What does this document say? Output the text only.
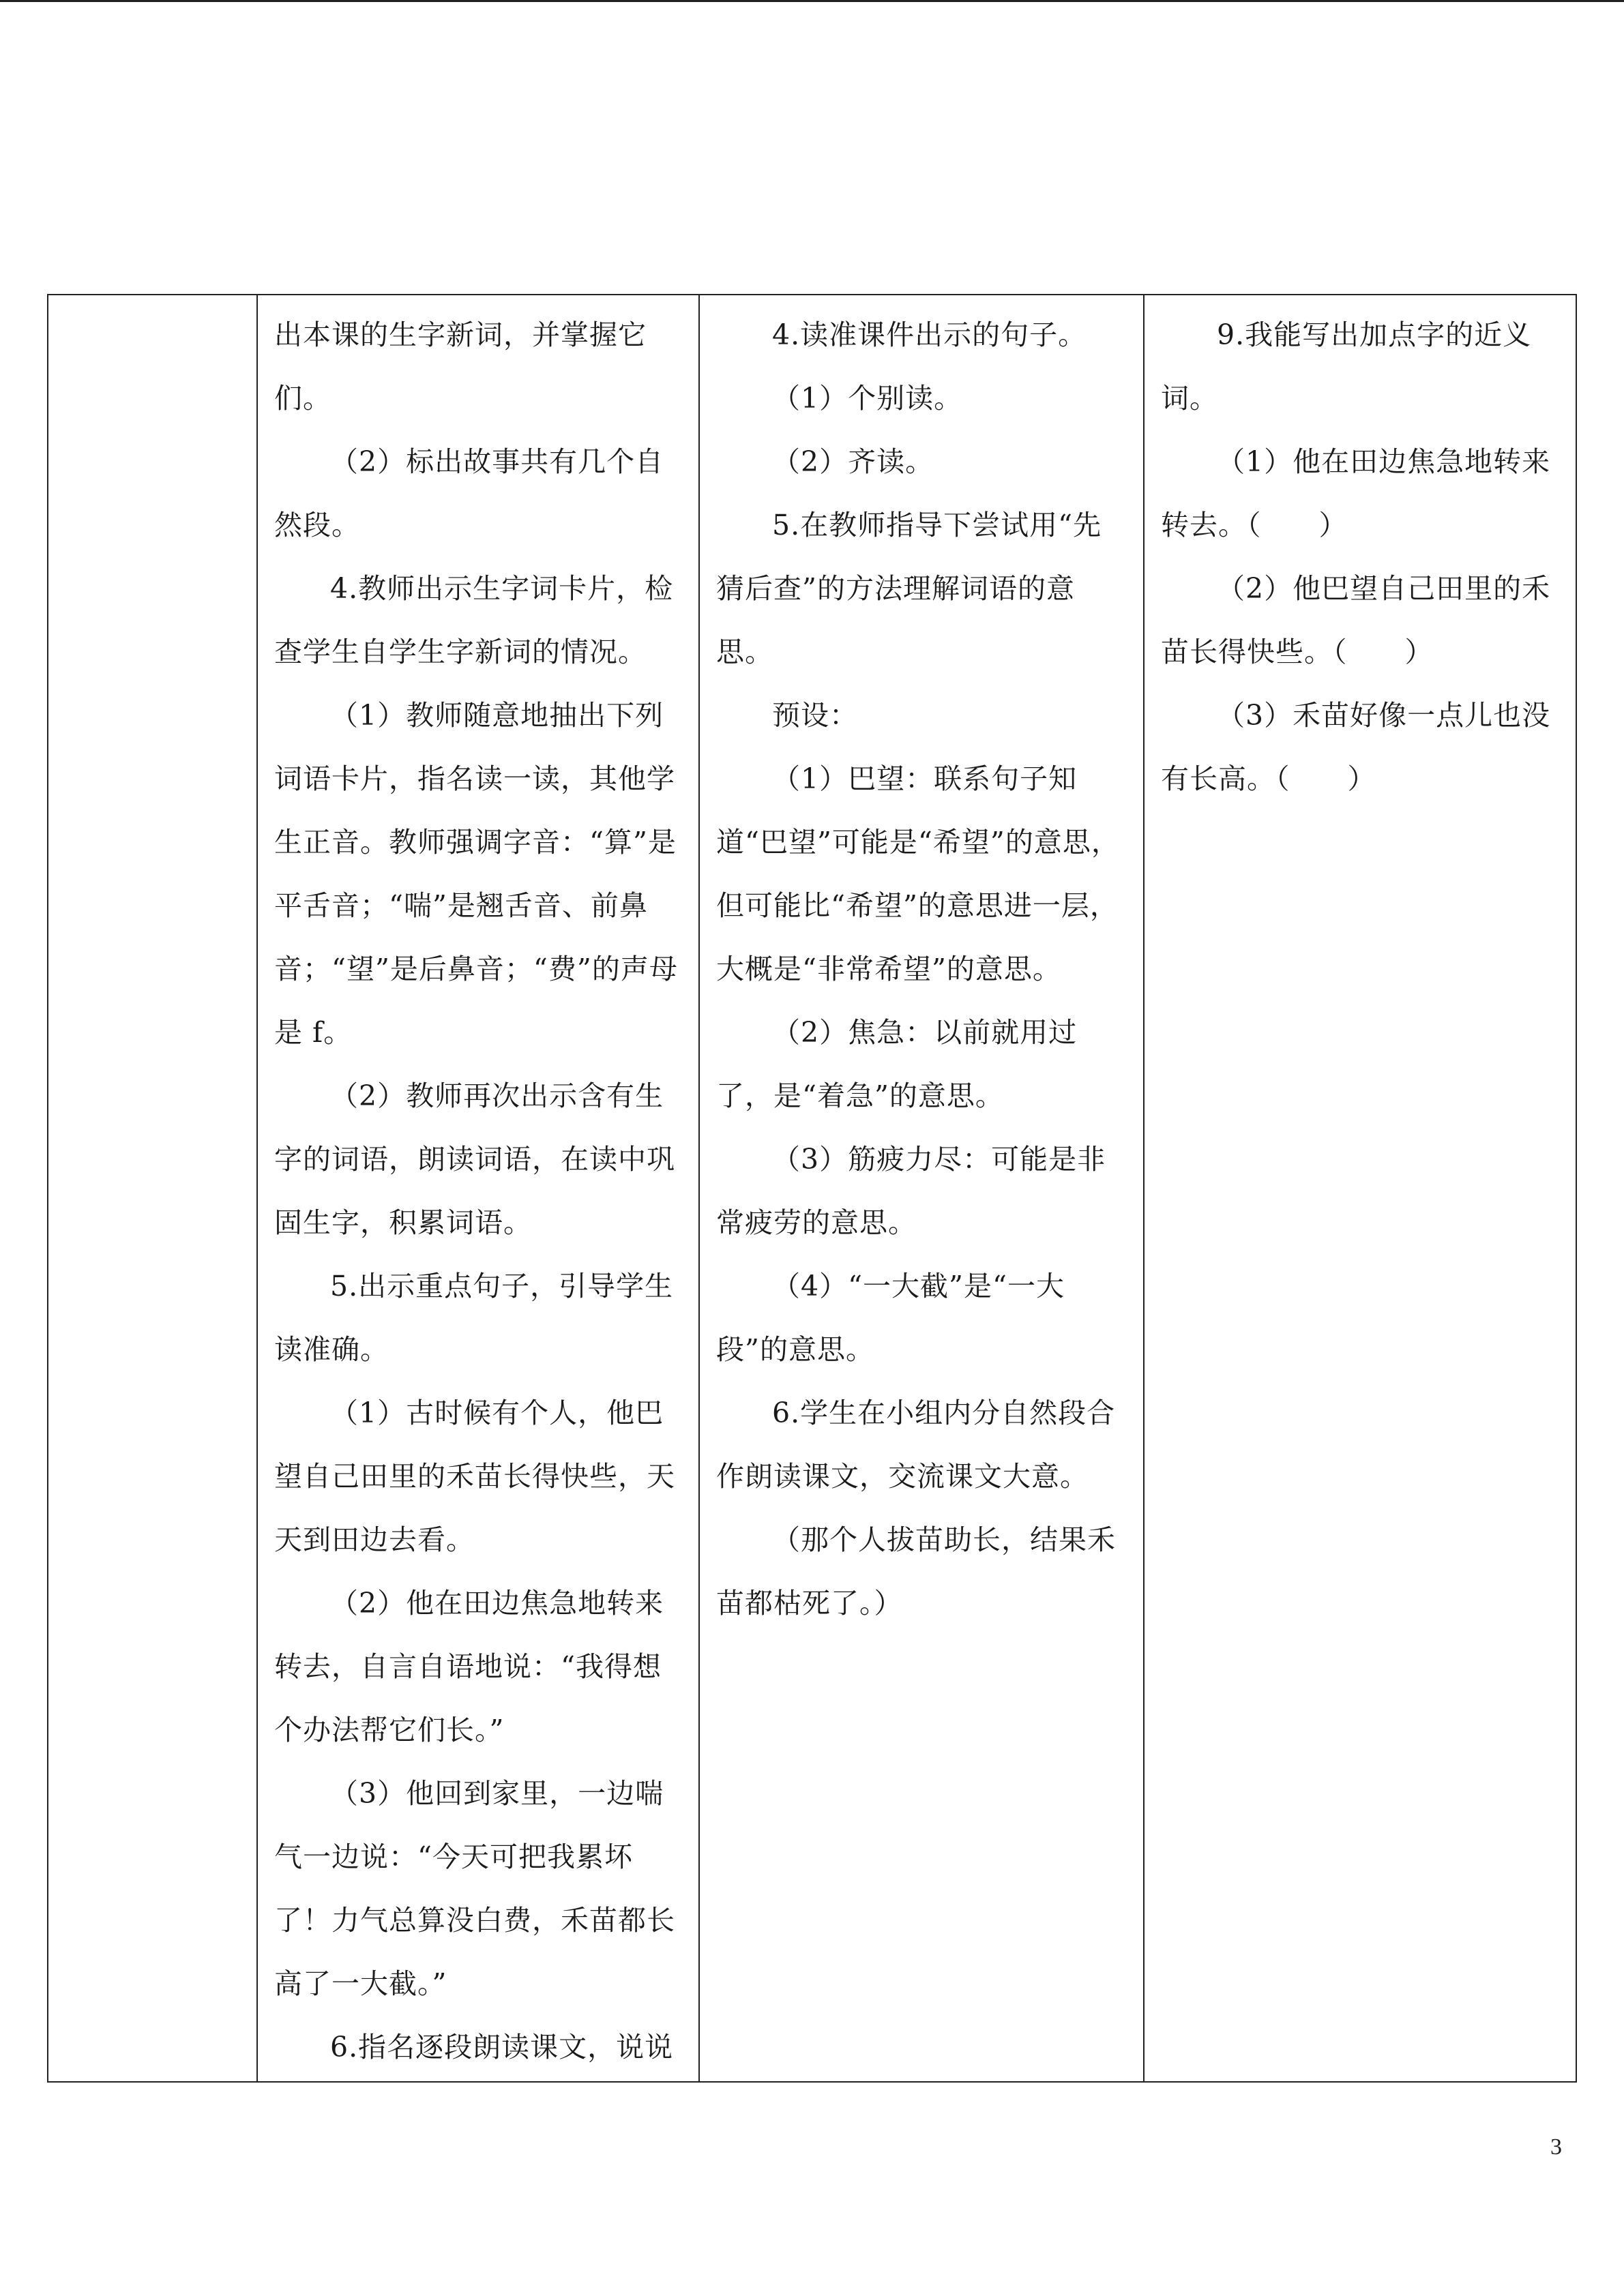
出本课的生字新词，并掌握它们。

（2）标出故事共有几个自然段。

4.教师出示生字词卡片，检查学生自学生字新词的情况。

（1）教师随意地抽出下列词语卡片，指名读一读，其他学生正音。教师强调字音：“算”是平舌音；“喘”是翘舌音、前鼻音；“望”是后鼻音；“费”的声母是 f。

（2）教师再次出示含有生字的词语，朗读词语，在读中巩固生字，积累词语。

5.出示重点句子，引导学生读准确。

（1）古时候有个人，他巴望自己田里的禾苗长得快些，天天到田边去看。

（2）他在田边焦急地转来转去，自言自语地说：“我得想个办法帮它们长。”

（3）他回到家里，一边喘气一边说：“今天可把我累坏了！力气总算没白费，禾苗都长高了一大截。”

6.指名逐段朗读课文，说说

4.读准课件出示的句子。

（1）个别读。

（2）齐读。

5.在教师指导下尝试用“先猜后查”的方法理解词语的意思。

预设：

（1）巴望：联系句子知道“巴望”可能是“希望”的意思，但可能比“希望”的意思进一层，大概是“非常希望”的意思。

（2）焦急：以前就用过了，是“着急”的意思。

（3）筋疲力尽：可能是非常疲劳的意思。

（4）“一大截”是“一大段”的意思。

6.学生在小组内分自然段合作朗读课文，交流课文大意。

（那个人拔苗助长，结果禾苗都枯死了。）

9.我能写出加点字的近义词。

（1）他在田边焦急地转来转去。（　　）

（2）他巴望自己田里的禾苗长得快些。（　　）

（3）禾苗好像一点儿也没有长高。（　　）

3
